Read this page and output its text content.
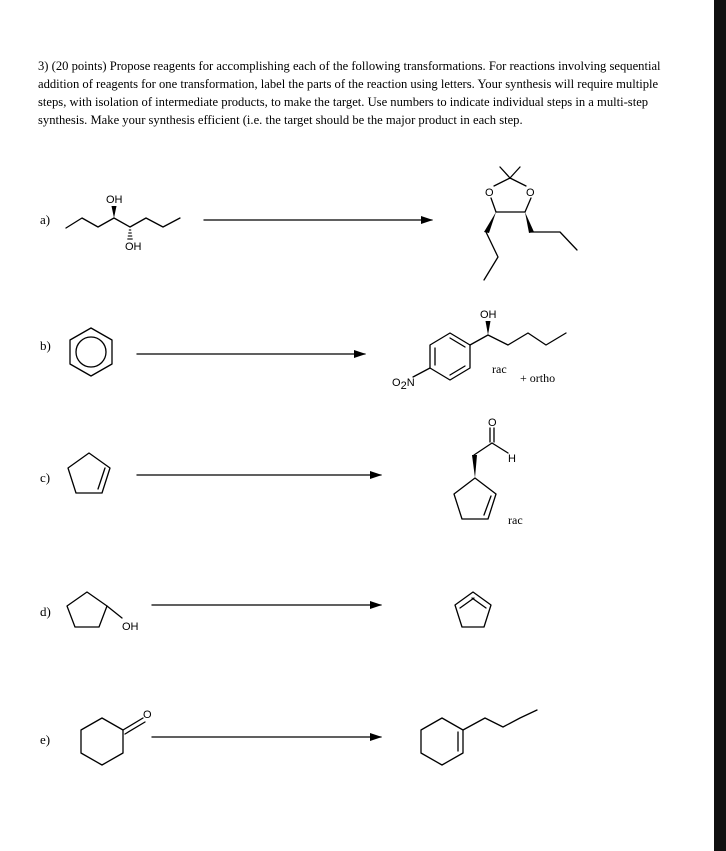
3) (20 points) Propose reagents for accomplishing each of the following transformations. For reactions involving sequential addition of reagents for one transformation, label the parts of the reaction using letters. Your synthesis will require multiple steps, with isolation of intermediate products, to make the target. Use numbers to indicate individual steps in a multi-step synthesis. Make your synthesis efficient (i.e. the target should be the major product in each step.

a)
b)
c)
d)
e)
OH
OH
O	O
O2N
OH
rac
+ ortho
O
H
rac
OH
O
